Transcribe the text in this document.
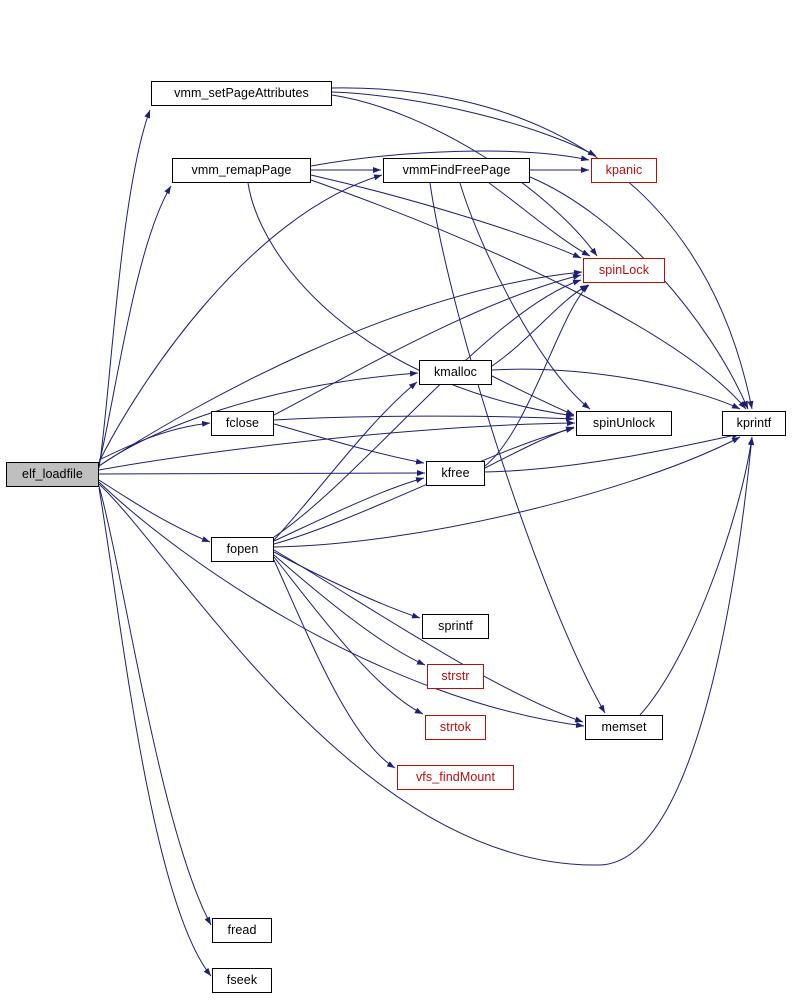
elf_loadfile
vmm_setPageAttributes
vmm_remapPage	vmmFindFreePage	kpanic
spinLock
kmalloc
fclose	spinUnlock	kprintf
kfree
fopen
sprintf
strstr
strtok
vfs_findMount
memset
fread
fseek
